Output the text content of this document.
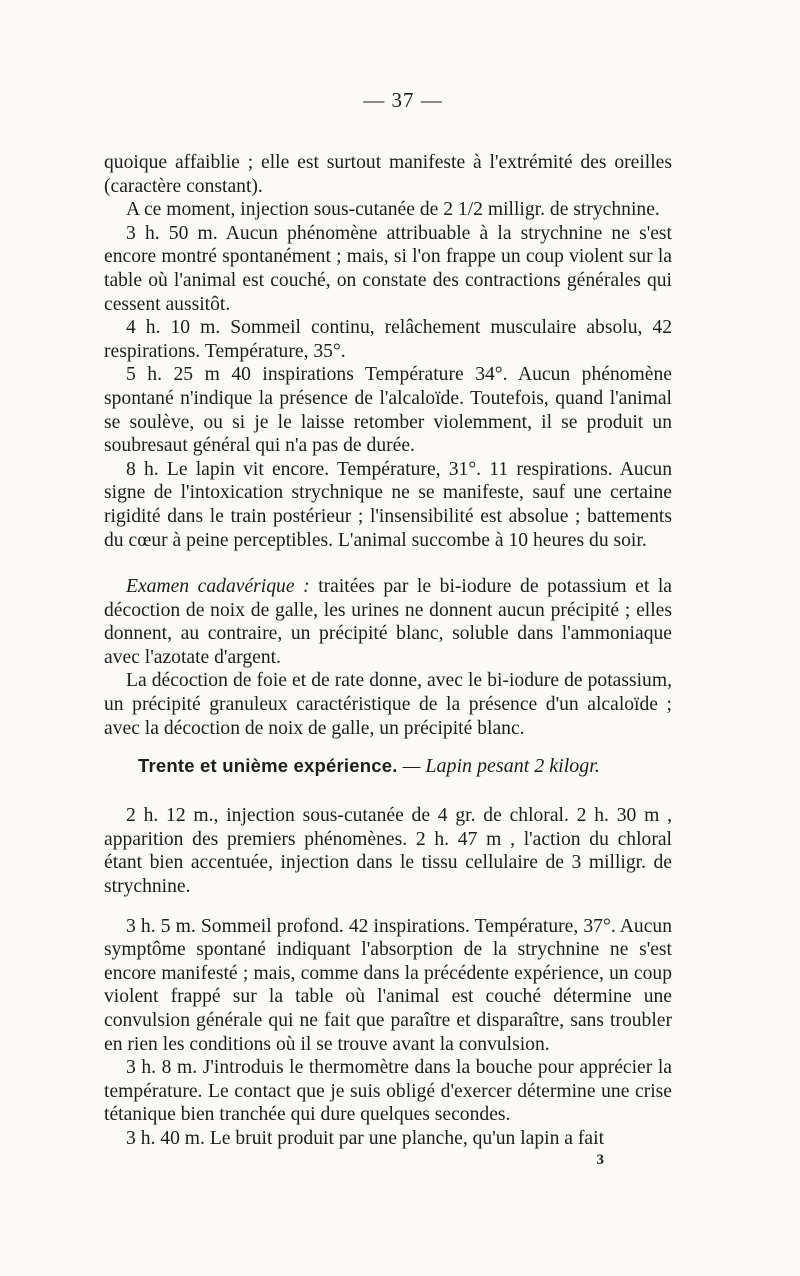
— 37 —

quoique affaiblie ; elle est surtout manifeste à l'extrémité des oreilles (caractère constant).

A ce moment, injection sous-cutanée de 2 1/2 milligr. de strychnine.

3 h. 50 m. Aucun phénomène attribuable à la strychnine ne s'est encore montré spontanément ; mais, si l'on frappe un coup violent sur la table où l'animal est couché, on constate des contractions générales qui cessent aussitôt.

4 h. 10 m. Sommeil continu, relâchement musculaire absolu, 42 respirations. Température, 35°.

5 h. 25 m 40 inspirations Température 34°. Aucun phénomène spontané n'indique la présence de l'alcaloïde. Toutefois, quand l'animal se soulève, ou si je le laisse retomber violemment, il se produit un soubresaut général qui n'a pas de durée.

8 h. Le lapin vit encore. Température, 31°. 11 respirations. Aucun signe de l'intoxication strychnique ne se manifeste, sauf une certaine rigidité dans le train postérieur ; l'insensibilité est absolue ; battements du cœur à peine perceptibles. L'animal succombe à 10 heures du soir.

Examen cadavérique : traitées par le bi-iodure de potassium et la décoction de noix de galle, les urines ne donnent aucun précipité ; elles donnent, au contraire, un précipité blanc, soluble dans l'ammoniaque avec l'azotate d'argent.

La décoction de foie et de rate donne, avec le bi-iodure de potassium, un précipité granuleux caractéristique de la présence d'un alcaloïde ; avec la décoction de noix de galle, un précipité blanc.

Trente et unième expérience. — Lapin pesant 2 kilogr.

2 h. 12 m., injection sous-cutanée de 4 gr. de chloral. 2 h. 30 m , apparition des premiers phénomènes. 2 h. 47 m , l'action du chloral étant bien accentuée, injection dans le tissu cellulaire de 3 milligr. de strychnine.

3 h. 5 m. Sommeil profond. 42 inspirations. Température, 37°. Aucun symptôme spontané indiquant l'absorption de la strychnine ne s'est encore manifesté ; mais, comme dans la précédente expérience, un coup violent frappé sur la table où l'animal est couché détermine une convulsion générale qui ne fait que paraître et disparaître, sans troubler en rien les conditions où il se trouve avant la convulsion.

3 h. 8 m. J'introduis le thermomètre dans la bouche pour apprécier la température. Le contact que je suis obligé d'exercer détermine une crise tétanique bien tranchée qui dure quelques secondes.

3 h. 40 m. Le bruit produit par une planche, qu'un lapin a fait

3
